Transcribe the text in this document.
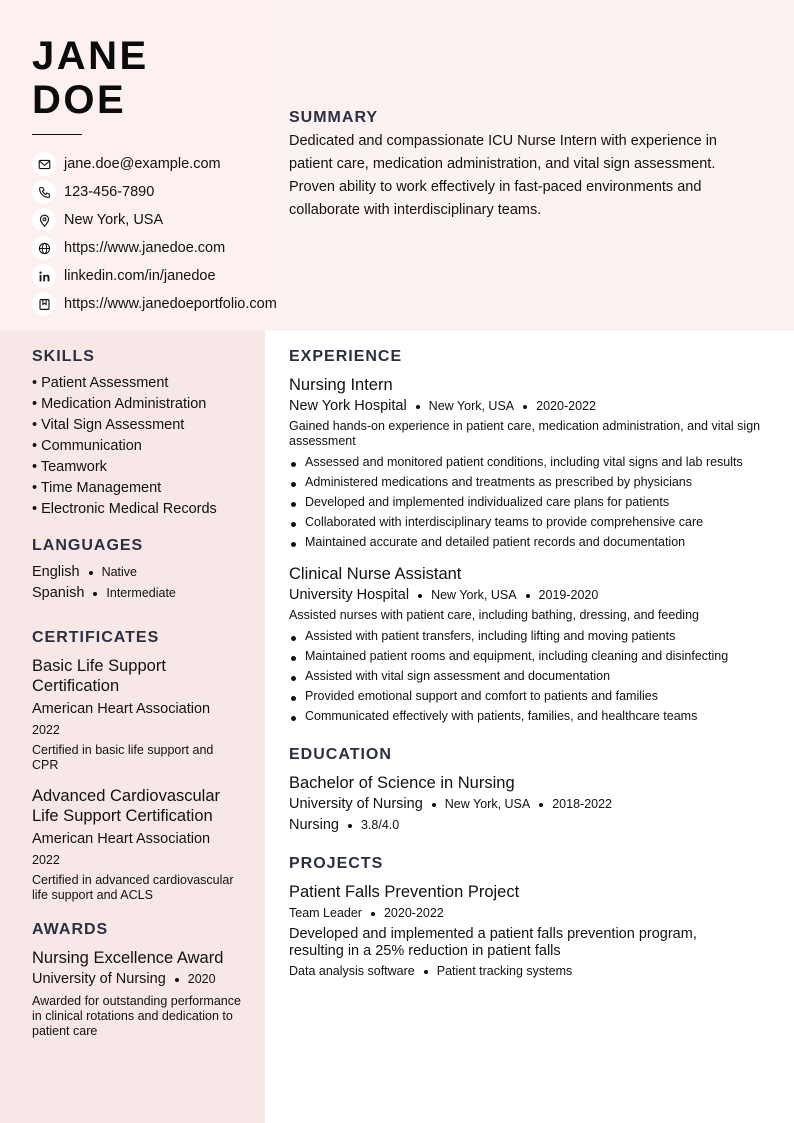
JANE
DOE
jane.doe@example.com
123-456-7890
New York, USA
https://www.janedoe.com
linkedin.com/in/janedoe
https://www.janedoeportfolio.com
SUMMARY
Dedicated and compassionate ICU Nurse Intern with experience in patient care, medication administration, and vital sign assessment. Proven ability to work effectively in fast-paced environments and collaborate with interdisciplinary teams.
SKILLS
• Patient Assessment
• Medication Administration
• Vital Sign Assessment
• Communication
• Teamwork
• Time Management
• Electronic Medical Records
LANGUAGES
English Native
Spanish Intermediate
CERTIFICATES
Basic Life Support Certification
American Heart Association
2022
Certified in basic life support and CPR
Advanced Cardiovascular Life Support Certification
American Heart Association
2022
Certified in advanced cardiovascular life support and ACLS
AWARDS
Nursing Excellence Award
University of Nursing 2020
Awarded for outstanding performance in clinical rotations and dedication to patient care
EXPERIENCE
Nursing Intern
New York Hospital New York, USA 2020-2022
Gained hands-on experience in patient care, medication administration, and vital sign assessment
Assessed and monitored patient conditions, including vital signs and lab results
Administered medications and treatments as prescribed by physicians
Developed and implemented individualized care plans for patients
Collaborated with interdisciplinary teams to provide comprehensive care
Maintained accurate and detailed patient records and documentation
Clinical Nurse Assistant
University Hospital New York, USA 2019-2020
Assisted nurses with patient care, including bathing, dressing, and feeding
Assisted with patient transfers, including lifting and moving patients
Maintained patient rooms and equipment, including cleaning and disinfecting
Assisted with vital sign assessment and documentation
Provided emotional support and comfort to patients and families
Communicated effectively with patients, families, and healthcare teams
EDUCATION
Bachelor of Science in Nursing
University of Nursing New York, USA 2018-2022
Nursing 3.8/4.0
PROJECTS
Patient Falls Prevention Project
Team Leader 2020-2022
Developed and implemented a patient falls prevention program, resulting in a 25% reduction in patient falls
Data analysis software Patient tracking systems
